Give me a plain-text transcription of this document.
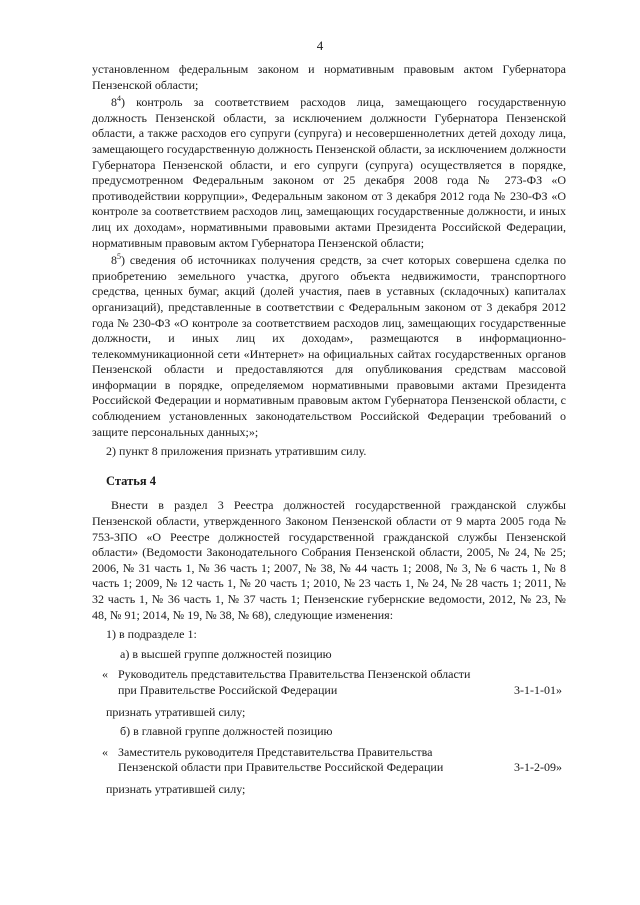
4

установленном федеральным законом и нормативным правовым актом Губернатора Пензенской области;

$8^4$) контроль за соответствием расходов лица, замещающего государственную должность Пензенской области, за исключением должности Губернатора Пензенской области, а также расходов его супруги (супруга) и несовершеннолетних детей доходу лица, замещающего государственную должность Пензенской области, за исключением должности Губернатора Пензенской области, и его супруги (супруга) осуществляется в порядке, предусмотренном Федеральным законом от 25 декабря 2008 года № 273-ФЗ «О противодействии коррупции», Федеральным законом от 3 декабря 2012 года № 230-ФЗ «О контроле за соответствием расходов лиц, замещающих государственные должности, и иных лиц их доходам», нормативными правовыми актами Президента Российской Федерации, нормативным правовым актом Губернатора Пензенской области;

$8^5$) сведения об источниках получения средств, за счет которых совершена сделка по приобретению земельного участка, другого объекта недвижимости, транспортного средства, ценных бумаг, акций (долей участия, паев в уставных (складочных) капиталах организаций), представленные в соответствии с Федеральным законом от 3 декабря 2012 года № 230-ФЗ «О контроле за соответствием расходов лиц, замещающих государственные должности, и иных лиц их доходам», размещаются в информационно-телекоммуникационной сети «Интернет» на официальных сайтах государственных органов Пензенской области и предоставляются для опубликования средствам массовой информации в порядке, определяемом нормативными правовыми актами Президента Российской Федерации и нормативным правовым актом Губернатора Пензенской области, с соблюдением установленных законодательством Российской Федерации требований о защите персональных данных;»;

2) пункт 8 приложения признать утратившим силу.

Статья 4

Внести в раздел 3 Реестра должностей государственной гражданской службы Пензенской области, утвержденного Законом Пензенской области от 9 марта 2005 года № 753-ЗПО «О Реестре должностей государственной гражданской службы Пензенской области» (Ведомости Законодательного Собрания Пензенской области, 2005, № 24, № 25; 2006, № 31 часть 1, № 36 часть 1; 2007, № 38, № 44 часть 1; 2008, № 3, № 6 часть 1, № 8 часть 1; 2009, № 12 часть 1, № 20 часть 1; 2010, № 23 часть 1, № 24, № 28 часть 1; 2011, № 32 часть 1, № 36 часть 1, № 37 часть 1; Пензенские губернские ведомости, 2012, № 23, № 48, № 91; 2014, № 19, № 38, № 68), следующие изменения:

1) в подразделе 1:

а) в высшей группе должностей позицию

« Руководитель представительства Правительства Пензенской области при Правительстве Российской Федерации	3-1-1-01»

признать утратившей силу;

б) в главной группе должностей позицию

« Заместитель руководителя Представительства Правительства Пензенской области при Правительстве Российской Федерации	3-1-2-09»

признать утратившей силу;
